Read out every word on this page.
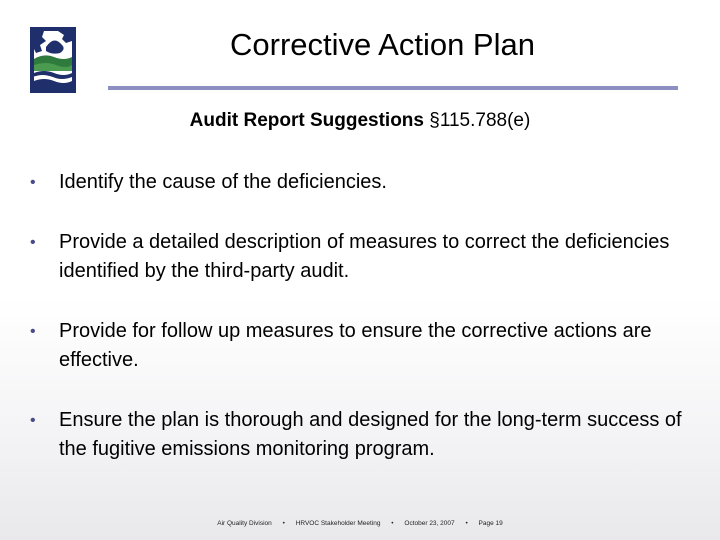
Corrective Action Plan
Audit Report Suggestions §115.788(e)
• Identify the cause of the deficiencies.
• Provide a detailed description of measures to correct the deficiencies identified by the third-party audit.
• Provide for follow up measures to ensure the corrective actions are effective.
• Ensure the plan is thorough and designed for the long-term success of the fugitive emissions monitoring program.
Air Quality Division • HRVOC Stakeholder Meeting • October 23, 2007 • Page 19
